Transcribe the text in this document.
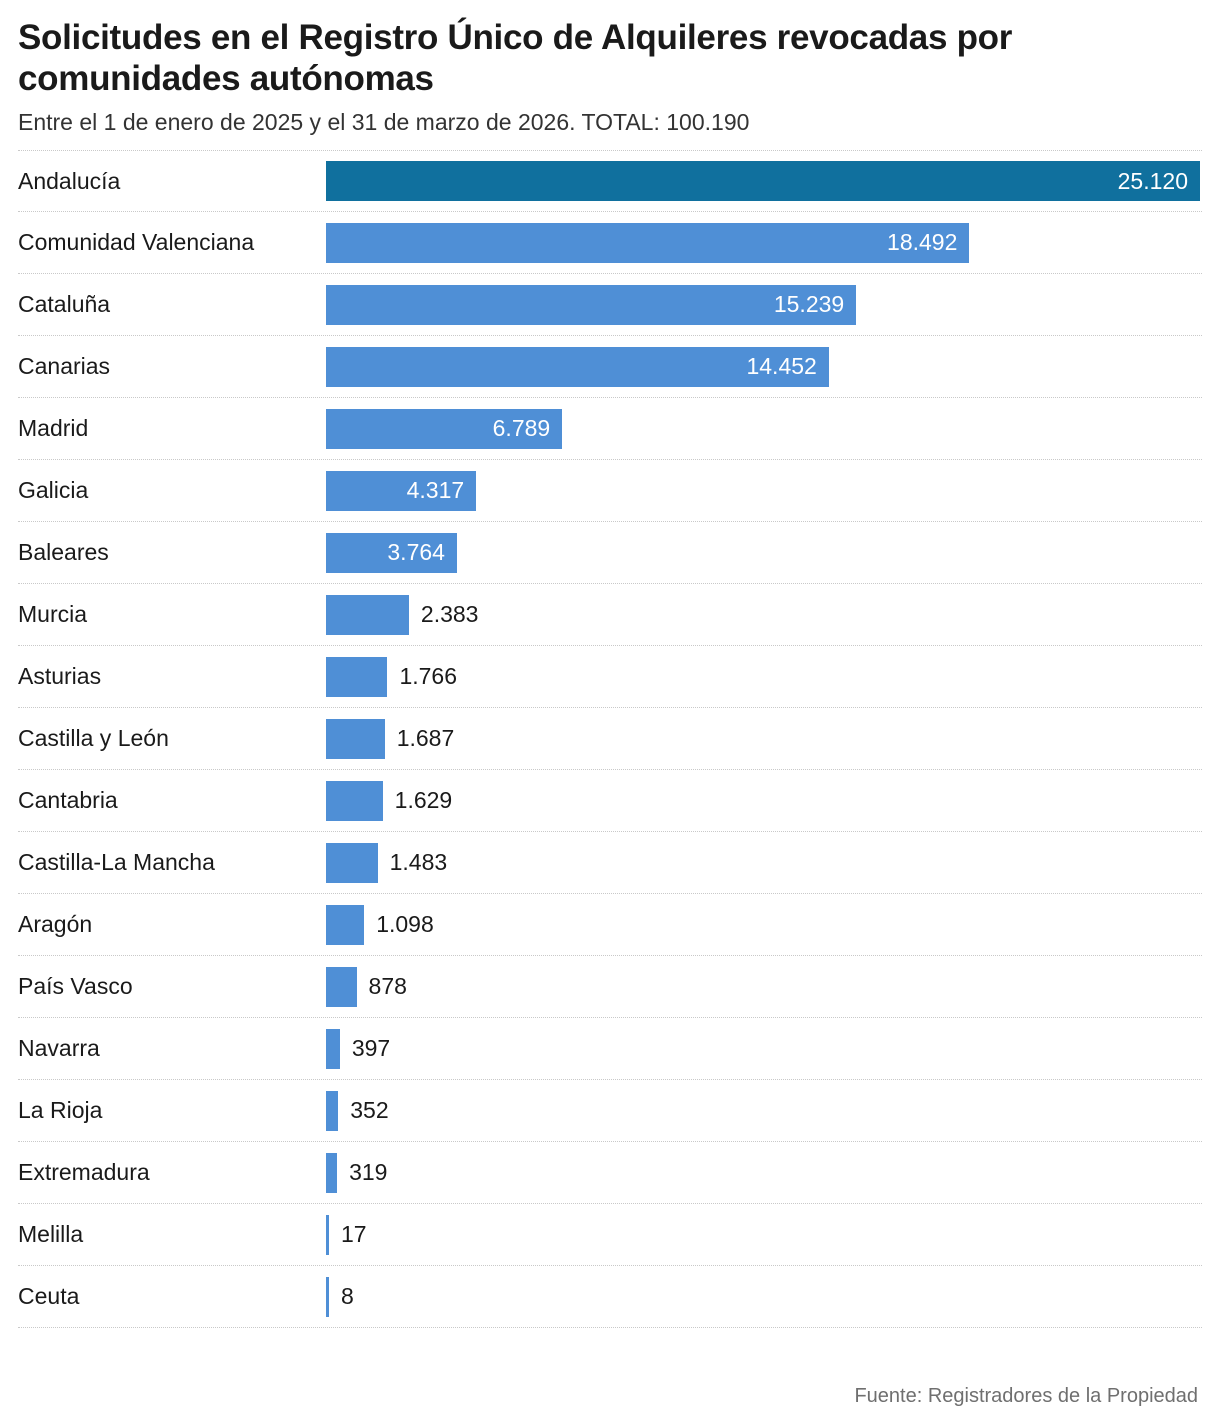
Solicitudes en el Registro Único de Alquileres revocadas por comunidades autónomas
Entre el 1 de enero de 2025 y el 31 de marzo de 2026. TOTAL: 100.190
Andalucía	25.120
Comunidad Valenciana	18.492
Cataluña	15.239
Canarias	14.452
Madrid	6.789
Galicia	4.317
Baleares	3.764
Murcia	2.383
Asturias	1.766
Castilla y León	1.687
Cantabria	1.629
Castilla-La Mancha	1.483
Aragón	1.098
País Vasco	878
Navarra	397
La Rioja	352
Extremadura	319
Melilla	17
Ceuta	8
Fuente: Registradores de la Propiedad
